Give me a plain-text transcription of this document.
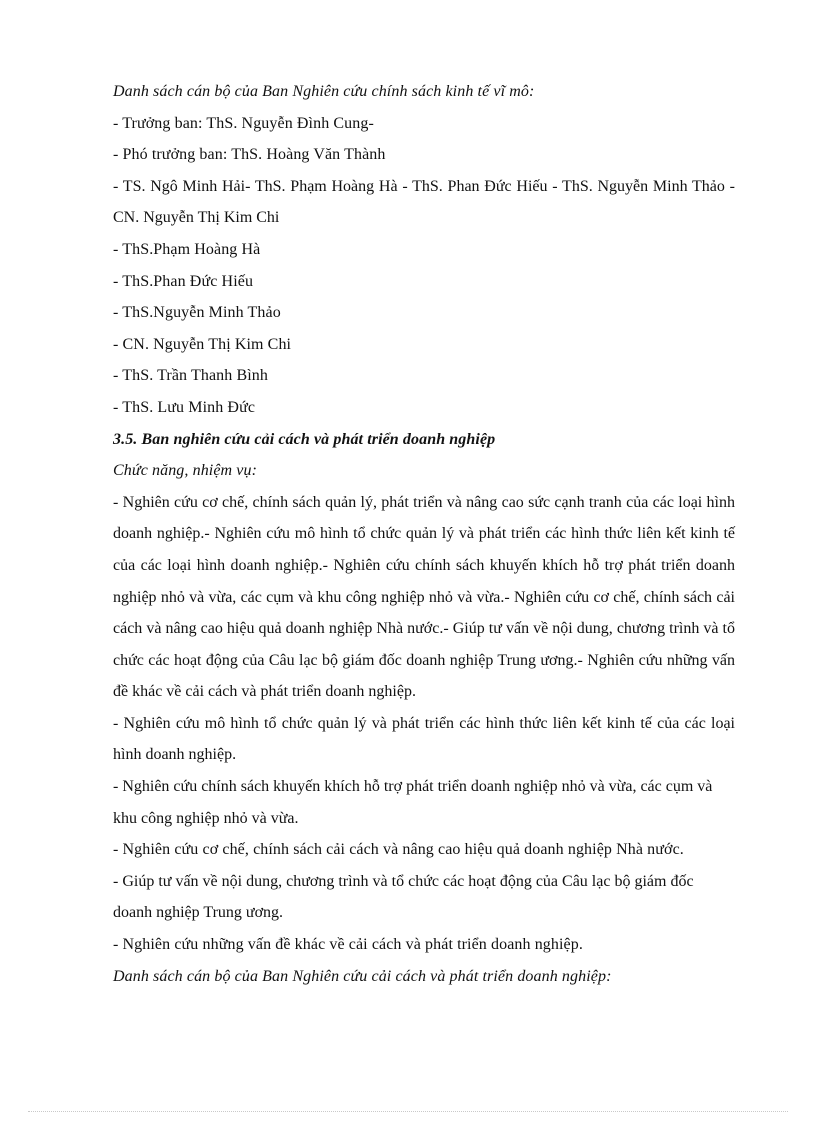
Danh sách cán bộ của Ban Nghiên cứu chính sách kinh tế vĩ mô:
- Trưởng ban: ThS. Nguyễn Đình Cung-
- Phó trưởng ban: ThS. Hoàng Văn Thành
- TS. Ngô Minh Hải- ThS. Phạm Hoàng Hà - ThS. Phan Đức Hiếu - ThS. Nguyễn Minh Thảo - CN. Nguyễn Thị Kim Chi
- ThS.Phạm Hoàng Hà
- ThS.Phan Đức Hiếu
- ThS.Nguyễn Minh Thảo
- CN. Nguyễn Thị Kim Chi
- ThS. Trần Thanh Bình
- ThS. Lưu Minh Đức
3.5. Ban nghiên cứu cải cách và phát triển doanh nghiệp
Chức năng, nhiệm vụ:
- Nghiên cứu cơ chế, chính sách quản lý, phát triển và nâng cao sức cạnh tranh của các loại hình doanh nghiệp.- Nghiên cứu mô hình tổ chức quản lý và phát triển các hình thức liên kết kinh tế của các loại hình doanh nghiệp.- Nghiên cứu chính sách khuyến khích hỗ trợ phát triển doanh nghiệp nhỏ và vừa, các cụm và khu công nghiệp nhỏ và vừa.- Nghiên cứu cơ chế, chính sách cải cách và nâng cao hiệu quả doanh nghiệp Nhà nước.- Giúp tư vấn về nội dung, chương trình và tổ chức các hoạt động của Câu lạc bộ giám đốc doanh nghiệp Trung ương.- Nghiên cứu những vấn đề khác về cải cách và phát triển doanh nghiệp.
- Nghiên cứu mô hình tổ chức quản lý và phát triển các hình thức liên kết kinh tế của các loại hình doanh nghiệp.
- Nghiên cứu chính sách khuyến khích hỗ trợ phát triển doanh nghiệp nhỏ và vừa, các cụm và khu công nghiệp nhỏ và vừa.
- Nghiên cứu cơ chế, chính sách cải cách và nâng cao hiệu quả doanh nghiệp Nhà nước.
- Giúp tư vấn về nội dung, chương trình và tổ chức các hoạt động của Câu lạc bộ giám đốc doanh nghiệp Trung ương.
- Nghiên cứu những vấn đề khác về cải cách và phát triển doanh nghiệp.
Danh sách cán bộ của Ban Nghiên cứu cải cách và phát triển doanh nghiệp:
